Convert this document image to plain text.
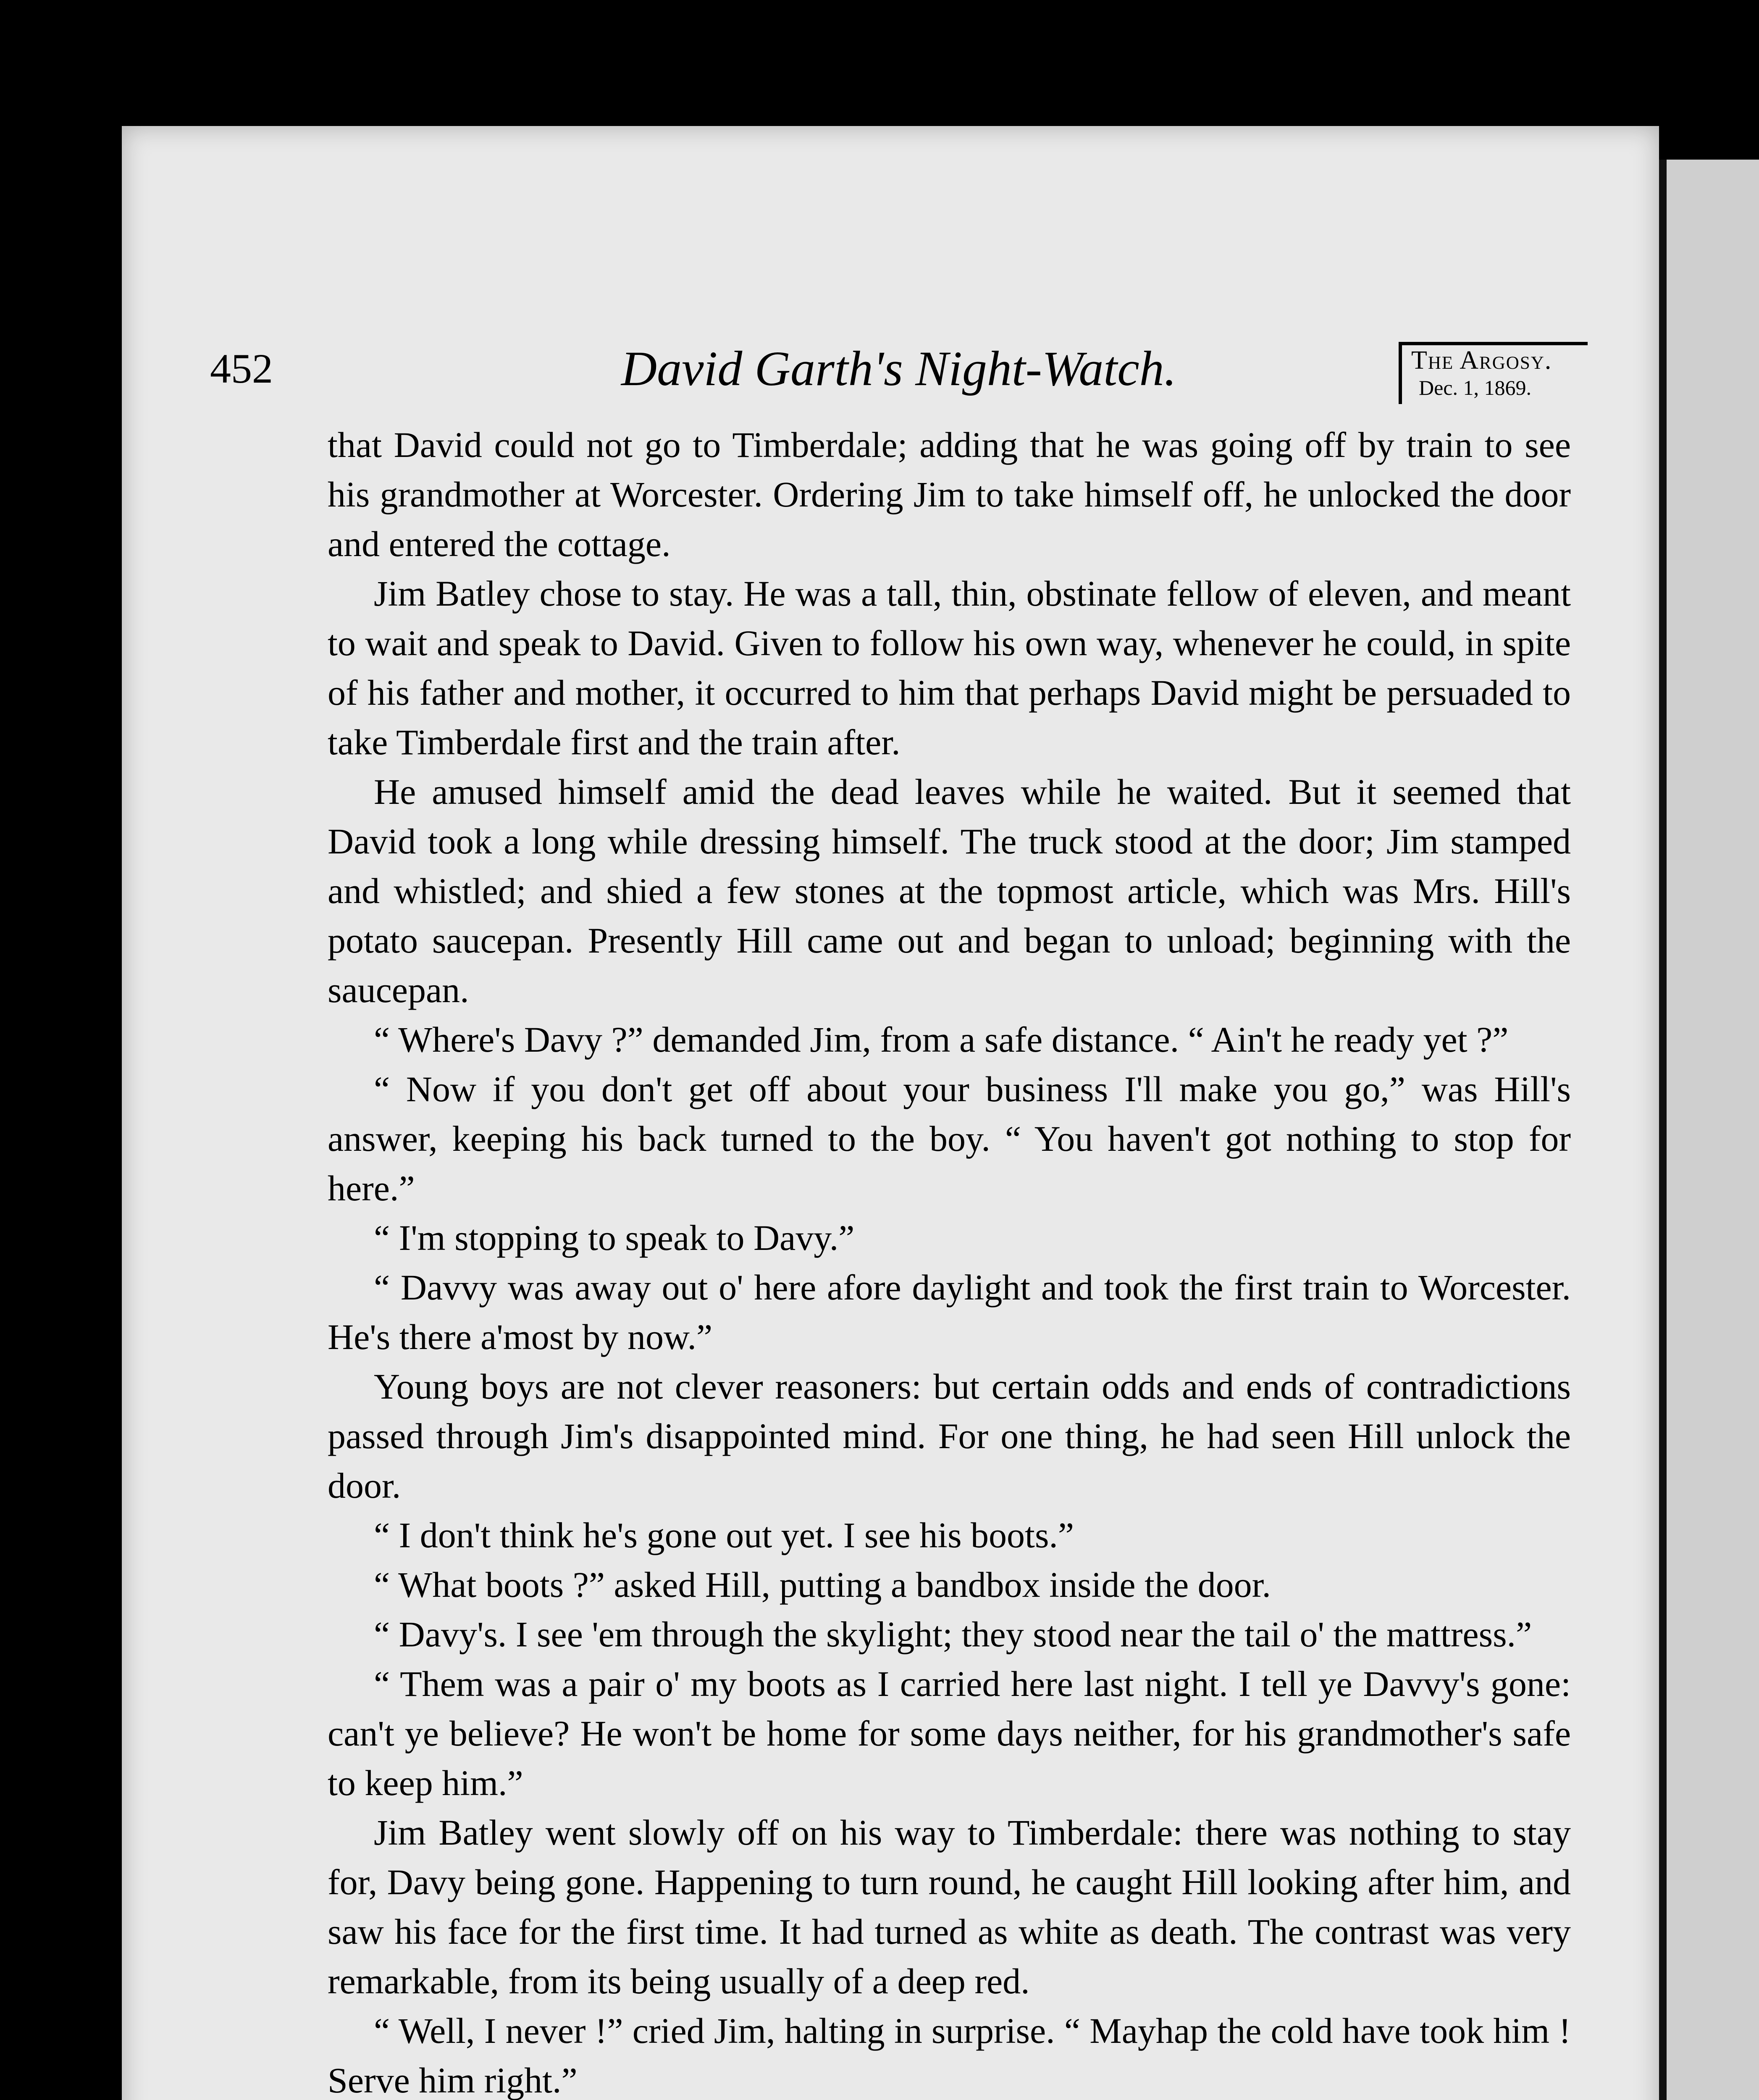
452	David Garth's Night-Watch.	The Argosy.
Dec. 1, 1869.

that David could not go to Timberdale; adding that he was going off by train to see his grandmother at Worcester. Ordering Jim to take himself off, he unlocked the door and entered the cottage.

Jim Batley chose to stay. He was a tall, thin, obstinate fellow of eleven, and meant to wait and speak to David. Given to follow his own way, whenever he could, in spite of his father and mother, it occurred to him that perhaps David might be persuaded to take Timberdale first and the train after.

He amused himself amid the dead leaves while he waited. But it seemed that David took a long while dressing himself. The truck stood at the door; Jim stamped and whistled; and shied a few stones at the topmost article, which was Mrs. Hill's potato saucepan. Presently Hill came out and began to unload; beginning with the saucepan.

“ Where's Davy ?” demanded Jim, from a safe distance. “ Ain't he ready yet ?”

“ Now if you don't get off about your business I'll make you go,” was Hill's answer, keeping his back turned to the boy. “ You haven't got nothing to stop for here.”

“ I'm stopping to speak to Davy.”

“ Davvy was away out o' here afore daylight and took the first train to Worcester. He's there a'most by now.”

Young boys are not clever reasoners: but certain odds and ends of contradictions passed through Jim's disappointed mind. For one thing, he had seen Hill unlock the door.

“ I don't think he's gone out yet. I see his boots.”

“ What boots ?” asked Hill, putting a bandbox inside the door.

“ Davy's. I see 'em through the skylight; they stood near the tail o' the mattress.”

“ Them was a pair o' my boots as I carried here last night. I tell ye Davvy's gone: can't ye believe? He won't be home for some days neither, for his grandmother's safe to keep him.”

Jim Batley went slowly off on his way to Timberdale: there was nothing to stay for, Davy being gone. Happening to turn round, he caught Hill looking after him, and saw his face for the first time. It had turned as white as death. The contrast was very remarkable, from its being usually of a deep red.

“ Well, I never !” cried Jim, halting in surprise. “ Mayhap the cold have took him ! Serve him right.”
